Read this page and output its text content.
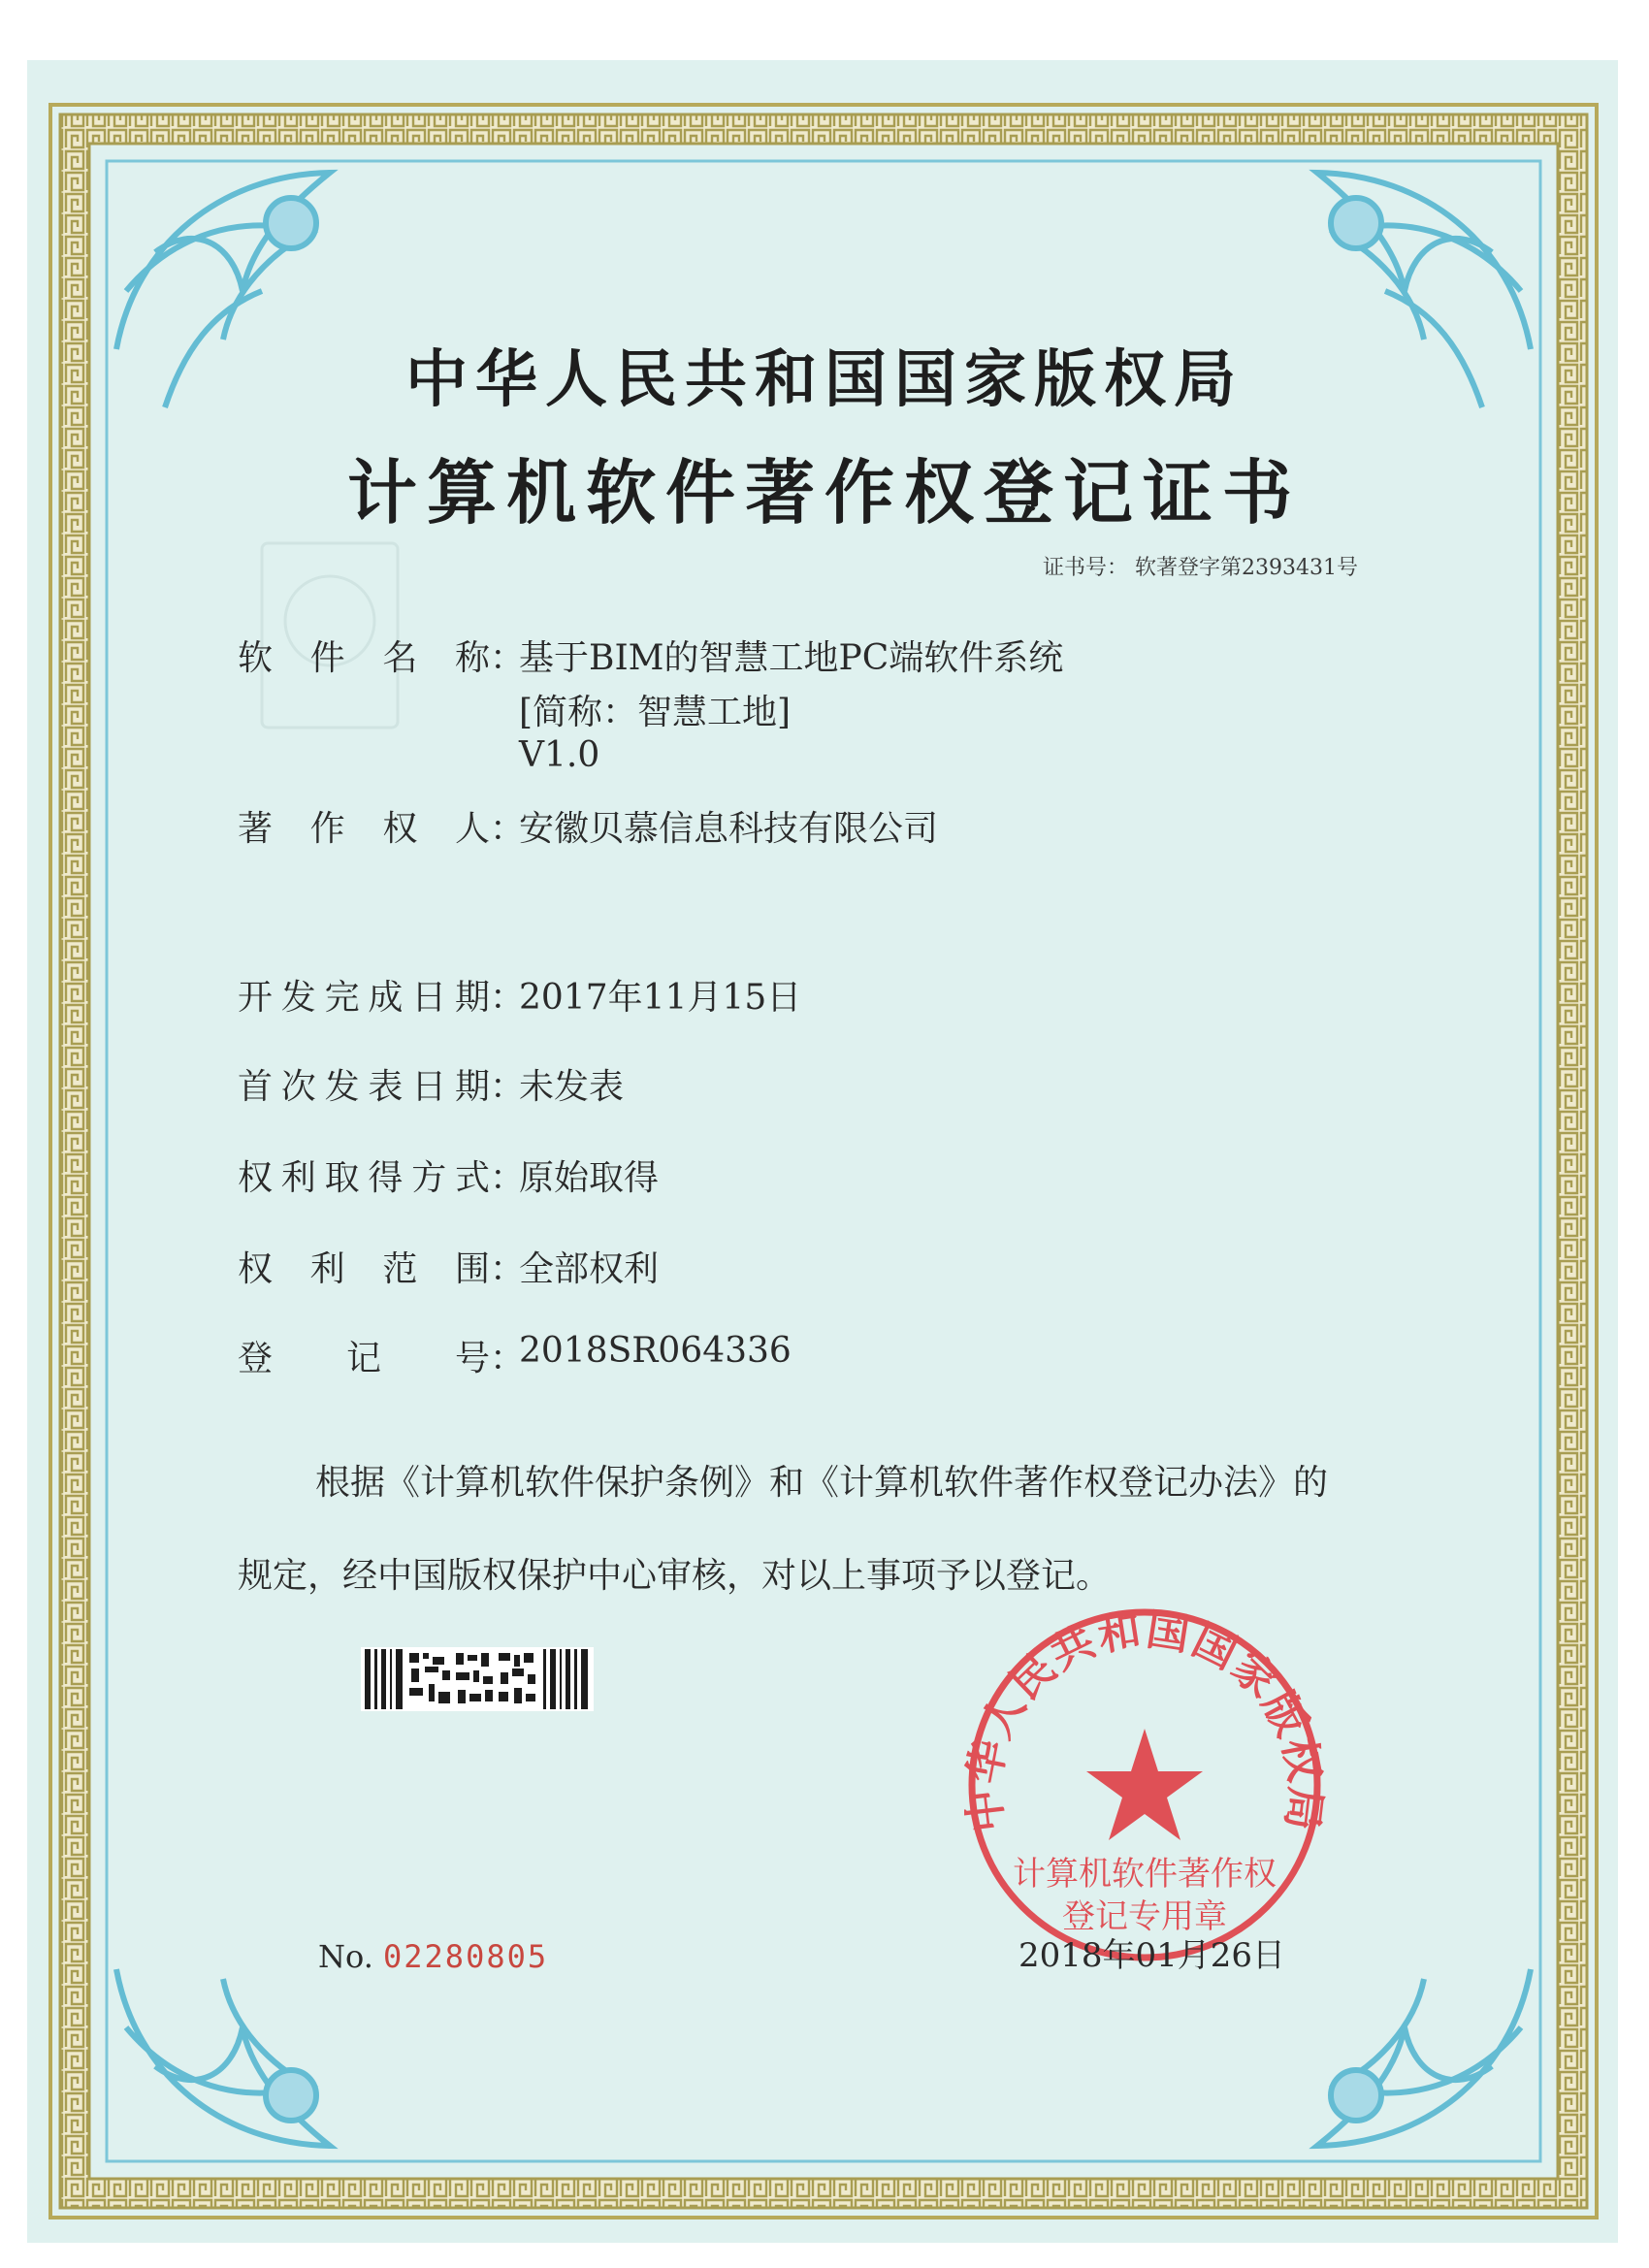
中华人民共和国国家版权局
计算机软件著作权
登记专用章
中华人民共和国国家版权局
计算机软件著作权登记证书
证书号： 软著登字第2393431号
软 件 名 称 ：
基于BIM的智慧工地PC端软件系统
[简称：智慧工地]
V1.0
著 作 权 人 ：
安徽贝慕信息科技有限公司
开 发 完 成 日 期 ：
2017年11月15日
首 次 发 表 日 期 ：
未发表
权 利 取 得 方 式 ：
原始取得
权 利 范 围 ：
全部权利
登 记 号 ：
2018SR064336
根据《计算机软件保护条例》和《计算机软件著作权登记办法》的
规定，经中国版权保护中心审核，对以上事项予以登记。
No. 02280805	2018年01月26日
